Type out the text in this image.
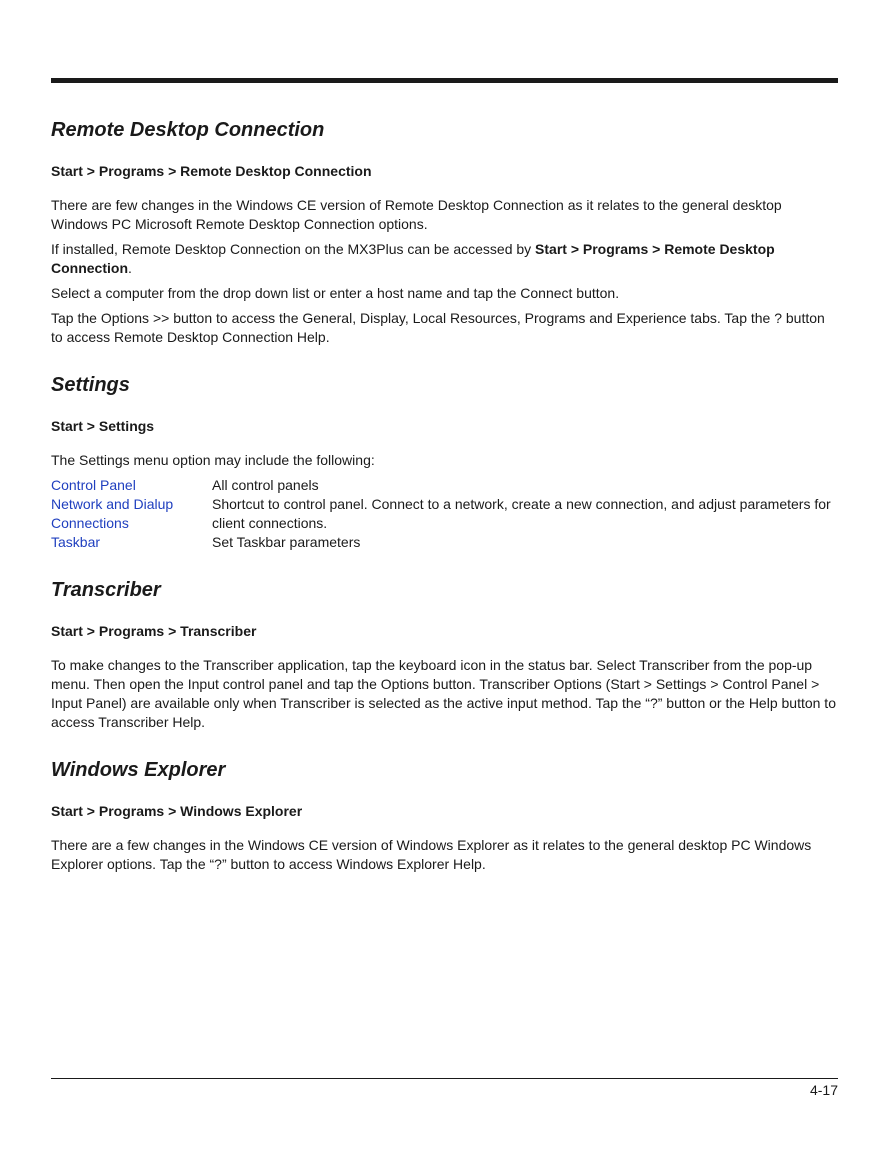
Remote Desktop Connection
Start > Programs > Remote Desktop Connection

There are few changes in the Windows CE version of Remote Desktop Connection as it relates to the general desktop Windows PC Microsoft Remote Desktop Connection options.

If installed, Remote Desktop Connection on the MX3Plus can be accessed by Start > Programs > Remote Desktop Connection.

Select a computer from the drop down list or enter a host name and tap the Connect button.

Tap the Options >> button to access the General, Display, Local Resources, Programs and Experience tabs. Tap the ? button to access Remote Desktop Connection Help.

Settings
Start > Settings

The Settings menu option may include the following:

Control Panel	All control panels
Network and Dialup Connections	Shortcut to control panel. Connect to a network, create a new connection, and adjust parameters for client connections.
Taskbar	Set Taskbar parameters
Transcriber
Start > Programs > Transcriber

To make changes to the Transcriber application, tap the keyboard icon in the status bar. Select Transcriber from the pop-up menu. Then open the Input control panel and tap the Options button. Transcriber Options (Start > Settings > Control Panel > Input Panel) are available only when Transcriber is selected as the active input method. Tap the “?” button or the Help button to access Transcriber Help.

Windows Explorer
Start > Programs > Windows Explorer

There are a few changes in the Windows CE version of Windows Explorer as it relates to the general desktop PC Windows Explorer options. Tap the “?” button to access Windows Explorer Help.

4-17
